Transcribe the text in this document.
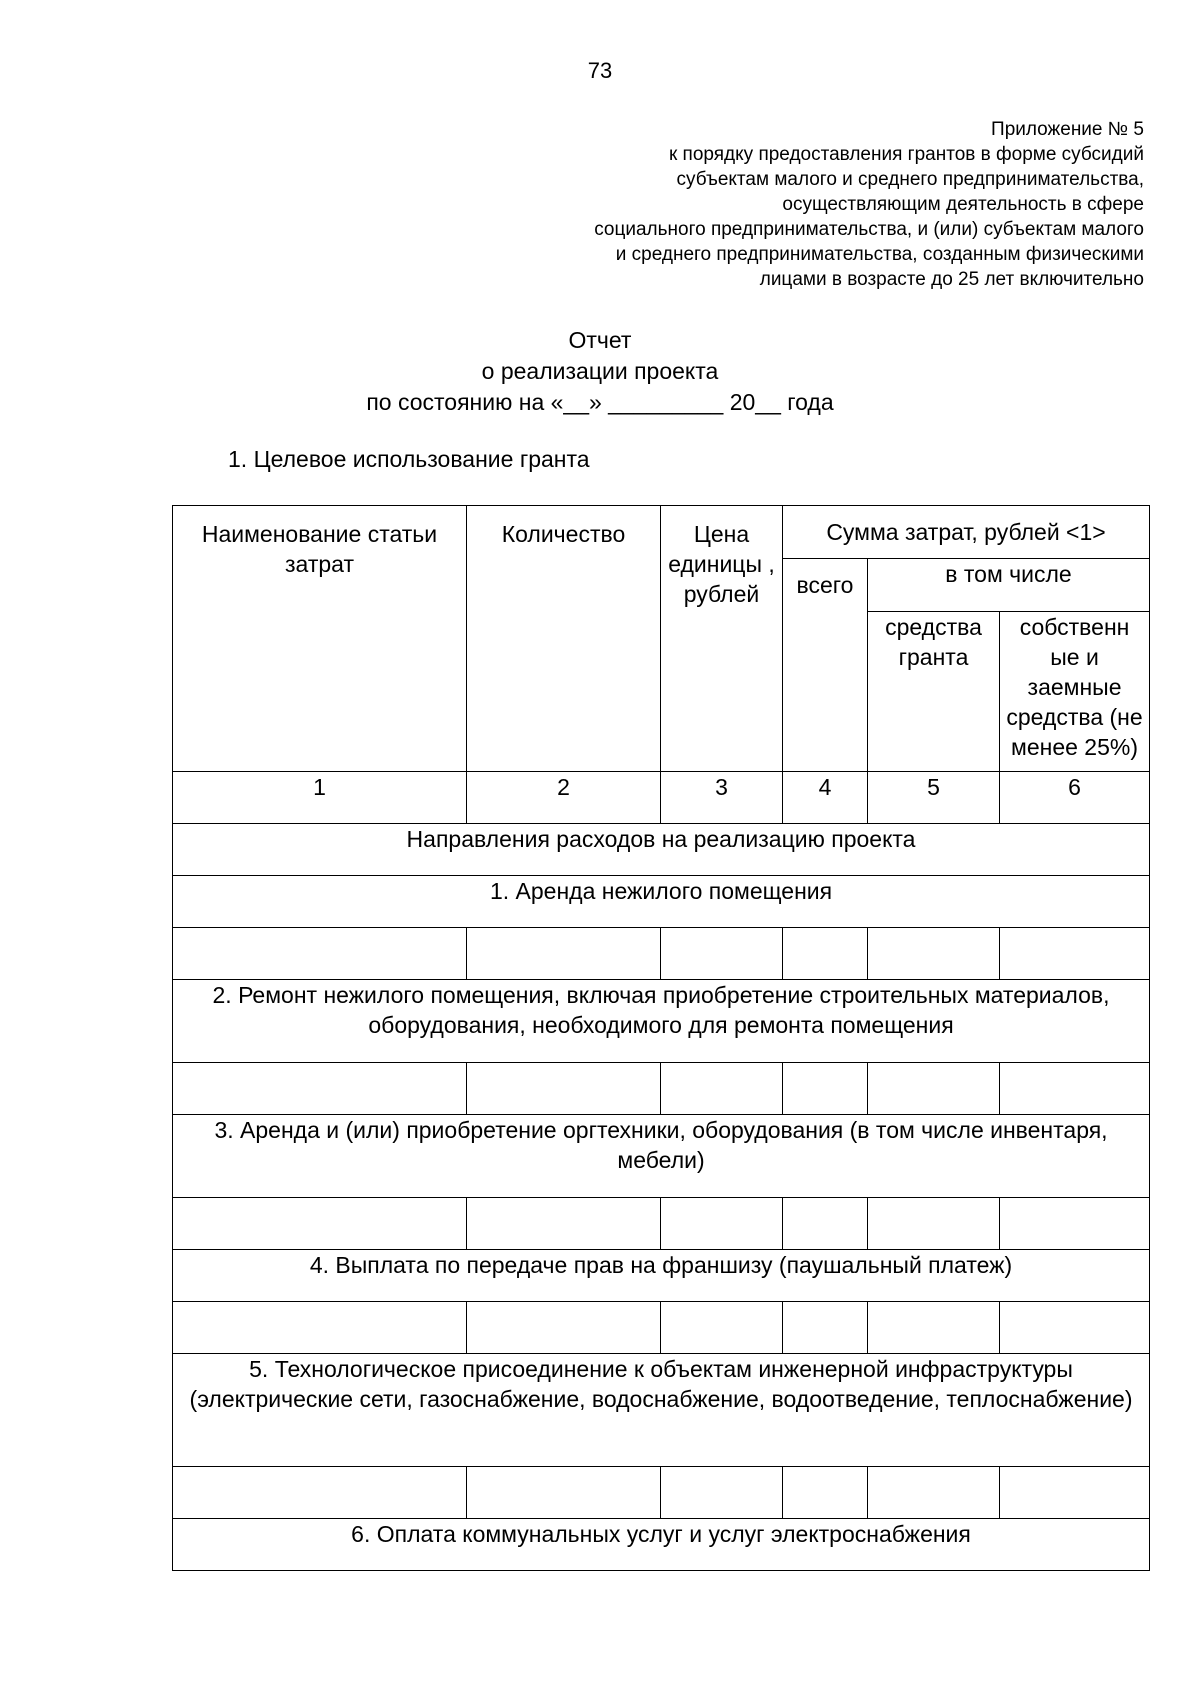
73
Приложение № 5
к порядку предоставления грантов в форме субсидий
субъектам малого и среднего предпринимательства,
осуществляющим деятельность в сфере
социального предпринимательства, и (или) субъектам малого
и среднего предпринимательства, созданным физическими
лицами в возрасте до 25 лет включительно
Отчет
о реализации проекта
по состоянию на «__» _________ 20__ года
1. Целевое использование гранта
Наименование статьи затрат	Количество	Цена единицы , рублей	Сумма затрат, рублей <1>		
			всего	в том числе	
				средства гранта	собственн ые и заемные средства (не менее 25%)
1	2	3	4	5	6
Направления расходов на реализацию проекта					
1. Аренда нежилого помещения					

2. Ремонт нежилого помещения, включая приобретение строительных материалов, оборудования, необходимого для ремонта помещения					

3. Аренда и (или) приобретение оргтехники, оборудования (в том числе инвентаря, мебели)					

4. Выплата по передаче прав на франшизу (паушальный платеж)					

5. Технологическое присоединение к объектам инженерной инфраструктуры (электрические сети, газоснабжение, водоснабжение, водоотведение, теплоснабжение)					

6. Оплата коммунальных услуг и услуг электроснабжения					
